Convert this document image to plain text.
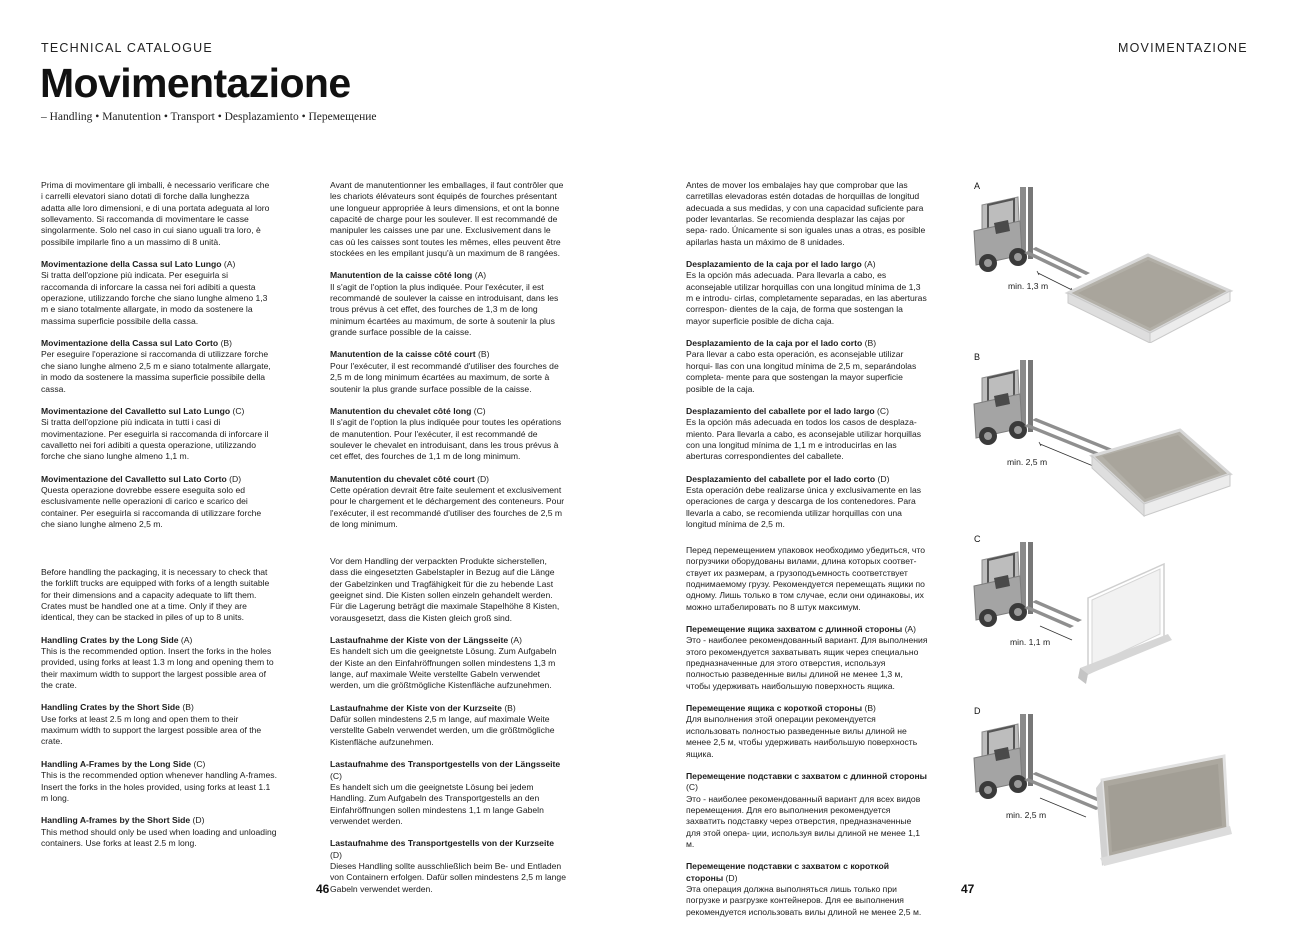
TECHNICAL CATALOGUE
Movimentazione
– Handling • Manutention • Transport • Desplazamiento • Перемещение
MOVIMENTAZIONE

Prima di movimentare gli imballi, è necessario verificare che i carrelli elevatori siano dotati di forche dalla lunghezza adatta alle loro dimensioni, e di una portata adeguata al loro sollevamento. Si raccomanda di movimentare le casse singolarmente. Solo nel caso in cui siano uguali tra loro, è possibile impilarle fino a un massimo di 8 unità.

Movimentazione della Cassa sul Lato Lungo (A)
Si tratta dell'opzione più indicata. Per eseguirla si raccomanda di inforcare la cassa nei fori adibiti a questa operazione, utilizzando forche che siano lunghe almeno 1,3 m e siano totalmente allargate, in modo da sostenere la massima superficie possibile della cassa.

Movimentazione della Cassa sul Lato Corto (B)
Per eseguire l'operazione si raccomanda di utilizzare forche che siano lunghe almeno 2,5 m e siano totalmente allargate, in modo da sostenere la massima superficie possibile della cassa.

Movimentazione del Cavalletto sul Lato Lungo (C)
Si tratta dell'opzione più indicata in tutti i casi di movimentazione. Per eseguirla si raccomanda di inforcare il cavalletto nei fori adibiti a questa operazione, utilizzando forche che siano lunghe almeno 1,1 m.

Movimentazione del Cavalletto sul Lato Corto (D)
Questa operazione dovrebbe essere eseguita solo ed esclusivamente nelle operazioni di carico e scarico dei container. Per eseguirla si raccomanda di utilizzare forche che siano lunghe almeno 2,5 m.

Before handling the packaging, it is necessary to check that the forklift trucks are equipped with forks of a length suitable for their dimensions and a capacity adequate to lift them. Crates must be handled one at a time. Only if they are identical, they can be stacked in piles of up to 8 units.

Handling Crates by the Long Side (A)
This is the recommended option. Insert the forks in the holes provided, using forks at least 1.3 m long and opening them to their maximum width to support the largest possible area of the crate.

Handling Crates by the Short Side (B)
Use forks at least 2.5 m long and open them to their maximum width to support the largest possible area of the crate.

Handling A-Frames by the Long Side (C)
This is the recommended option whenever handling A-frames. Insert the forks in the holes provided, using forks at least 1.1 m long.

Handling A-frames by the Short Side (D)
This method should only be used when loading and unloading containers. Use forks at least 2.5 m long.

Avant de manutentionner les emballages, il faut contrôler que les chariots élévateurs sont équipés de fourches présentant une longueur appropriée à leurs dimensions, et ont la bonne capacité de charge pour les soulever. Il est recommandé de manipuler les caisses une par une. Exclusivement dans le cas où les caisses sont toutes les mêmes, elles peuvent être stockées en les empilant jusqu'à un maximum de 8 rangées.

Manutention de la caisse côté long (A)
Il s'agit de l'option la plus indiquée. Pour l'exécuter, il est recommandé de soulever la caisse en introduisant, dans les trous prévus à cet effet, des fourches de 1,3 m de long minimum écartées au maximum, de sorte à soutenir la plus grande surface possible de la caisse.

Manutention de la caisse côté court (B)
Pour l'exécuter, il est recommandé d'utiliser des fourches de 2,5 m de long minimum écartées au maximum, de sorte à soutenir la plus grande surface possible de la caisse.

Manutention du chevalet côté long (C)
Il s'agit de l'option la plus indiquée pour toutes les opérations de manutention. Pour l'exécuter, il est recommandé de soulever le chevalet en introduisant, dans les trous prévus à cet effet, des fourches de 1,1 m de long minimum.

Manutention du chevalet côté court (D)
Cette opération devrait être faite seulement et exclusivement pour le chargement et le déchargement des conteneurs. Pour l'exécuter, il est recommandé d'utiliser des fourches de 2,5 m de long minimum.

Vor dem Handling der verpackten Produkte sicherstellen, dass die eingesetzten Gabelstapler in Bezug auf die Länge der Gabelzinken und Tragfähigkeit für die zu hebende Last geeignet sind. Die Kisten sollen einzeln gehandelt werden. Für die Lagerung beträgt die maximale Stapelhöhe 8 Kisten, vorausgesetzt, dass die Kisten gleich groß sind.

Lastaufnahme der Kiste von der Längsseite (A)
Es handelt sich um die geeignetste Lösung. Zum Aufgabeln der Kiste an den Einfahröffnungen sollen mindestens 1,3 m lange, auf maximale Weite verstellte Gabeln verwendet werden, um die größtmögliche Kistenfläche aufzunehmen.

Lastaufnahme der Kiste von der Kurzseite (B)
Dafür sollen mindestens 2,5 m lange, auf maximale Weite verstellte Gabeln verwendet werden, um die größtmögliche Kistenfläche aufzunehmen.

Lastaufnahme des Transportgestells von der Längsseite (C)
Es handelt sich um die geeignetste Lösung bei jedem Handling. Zum Aufgabeln des Transportgestells an den Einfahröffnungen sollen mindestens 1,1 m lange Gabeln verwendet werden.

Lastaufnahme des Transportgestells von der Kurzseite (D)
Dieses Handling sollte ausschließlich beim Be- und Entladen von Containern erfolgen. Dafür sollen mindestens 2,5 m lange Gabeln verwendet werden.

Antes de mover los embalajes hay que comprobar que las carretillas elevadoras estén dotadas de horquillas de longitud adecuada a sus medidas, y con una capacidad suficiente para poder levantarlas. Se recomienda desplazar las cajas por sepa- rado. Únicamente si son iguales unas a otras, es posible apilarlas hasta un máximo de 8 unidades.

Desplazamiento de la caja por el lado largo (A)
Es la opción más adecuada. Para llevarla a cabo, es aconsejable utilizar horquillas con una longitud mínima de 1,3 m e introdu- cirlas, completamente separadas, en las aberturas correspon- dientes de la caja, de forma que sostengan la mayor superficie posible de dicha caja.

Desplazamiento de la caja por el lado corto (B)
Para llevar a cabo esta operación, es aconsejable utilizar horqui- llas con una longitud mínima de 2,5 m, separándolas completa- mente para que sostengan la mayor superficie posible de la caja.

Desplazamiento del caballete por el lado largo (C)
Es la opción más adecuada en todos los casos de desplaza- miento. Para llevarla a cabo, es aconsejable utilizar horquillas con una longitud mínima de 1,1 m e introducirlas en las aberturas correspondientes del caballete.

Desplazamiento del caballete por el lado corto (D)
Esta operación debe realizarse única y exclusivamente en las operaciones de carga y descarga de los contenedores. Para llevarla a cabo, se recomienda utilizar horquillas con una longitud mínima de 2,5 m.

Перед перемещением упаковок необходимо убедиться, что погрузчики оборудованы вилами, длина которых соответ- ствует их размерам, а грузоподъемность соответствует поднимаемому грузу. Рекомендуется перемещать ящики по одному. Лишь только в том случае, если они одинаковы, их можно штабелировать по 8 штук максимум.

Перемещение ящика захватом с длинной стороны (A)
Это - наиболее рекомендованный вариант. Для выполнения этого рекомендуется захватывать ящик через специально предназначенные для этого отверстия, используя полностью разведенные вилы длиной не менее 1,3 м, чтобы удерживать наибольшую поверхность ящика.

Перемещение ящика с короткой стороны (B)
Для выполнения этой операции рекомендуется использовать полностью разведенные вилы длиной не менее 2,5 м, чтобы удерживать наибольшую поверхность ящика.

Перемещение подставки с захватом с длинной стороны (C)
Это - наиболее рекомендованный вариант для всех видов перемещения. Для его выполнения рекомендуется захватить подставку через отверстия, предназначенные для этой опера- ции, используя вилы длиной не менее 1,1 м.

Перемещение подставки с захватом с короткой стороны (D)
Эта операция должна выполняться лишь только при погрузке и разгрузке контейнеров. Для ее выполнения рекомендуется использовать вилы длиной не менее 2,5 м.

A
min. 1,3 m
B
min. 2,5 m
C
min. 1,1 m
D
min. 2,5 m
46	47
